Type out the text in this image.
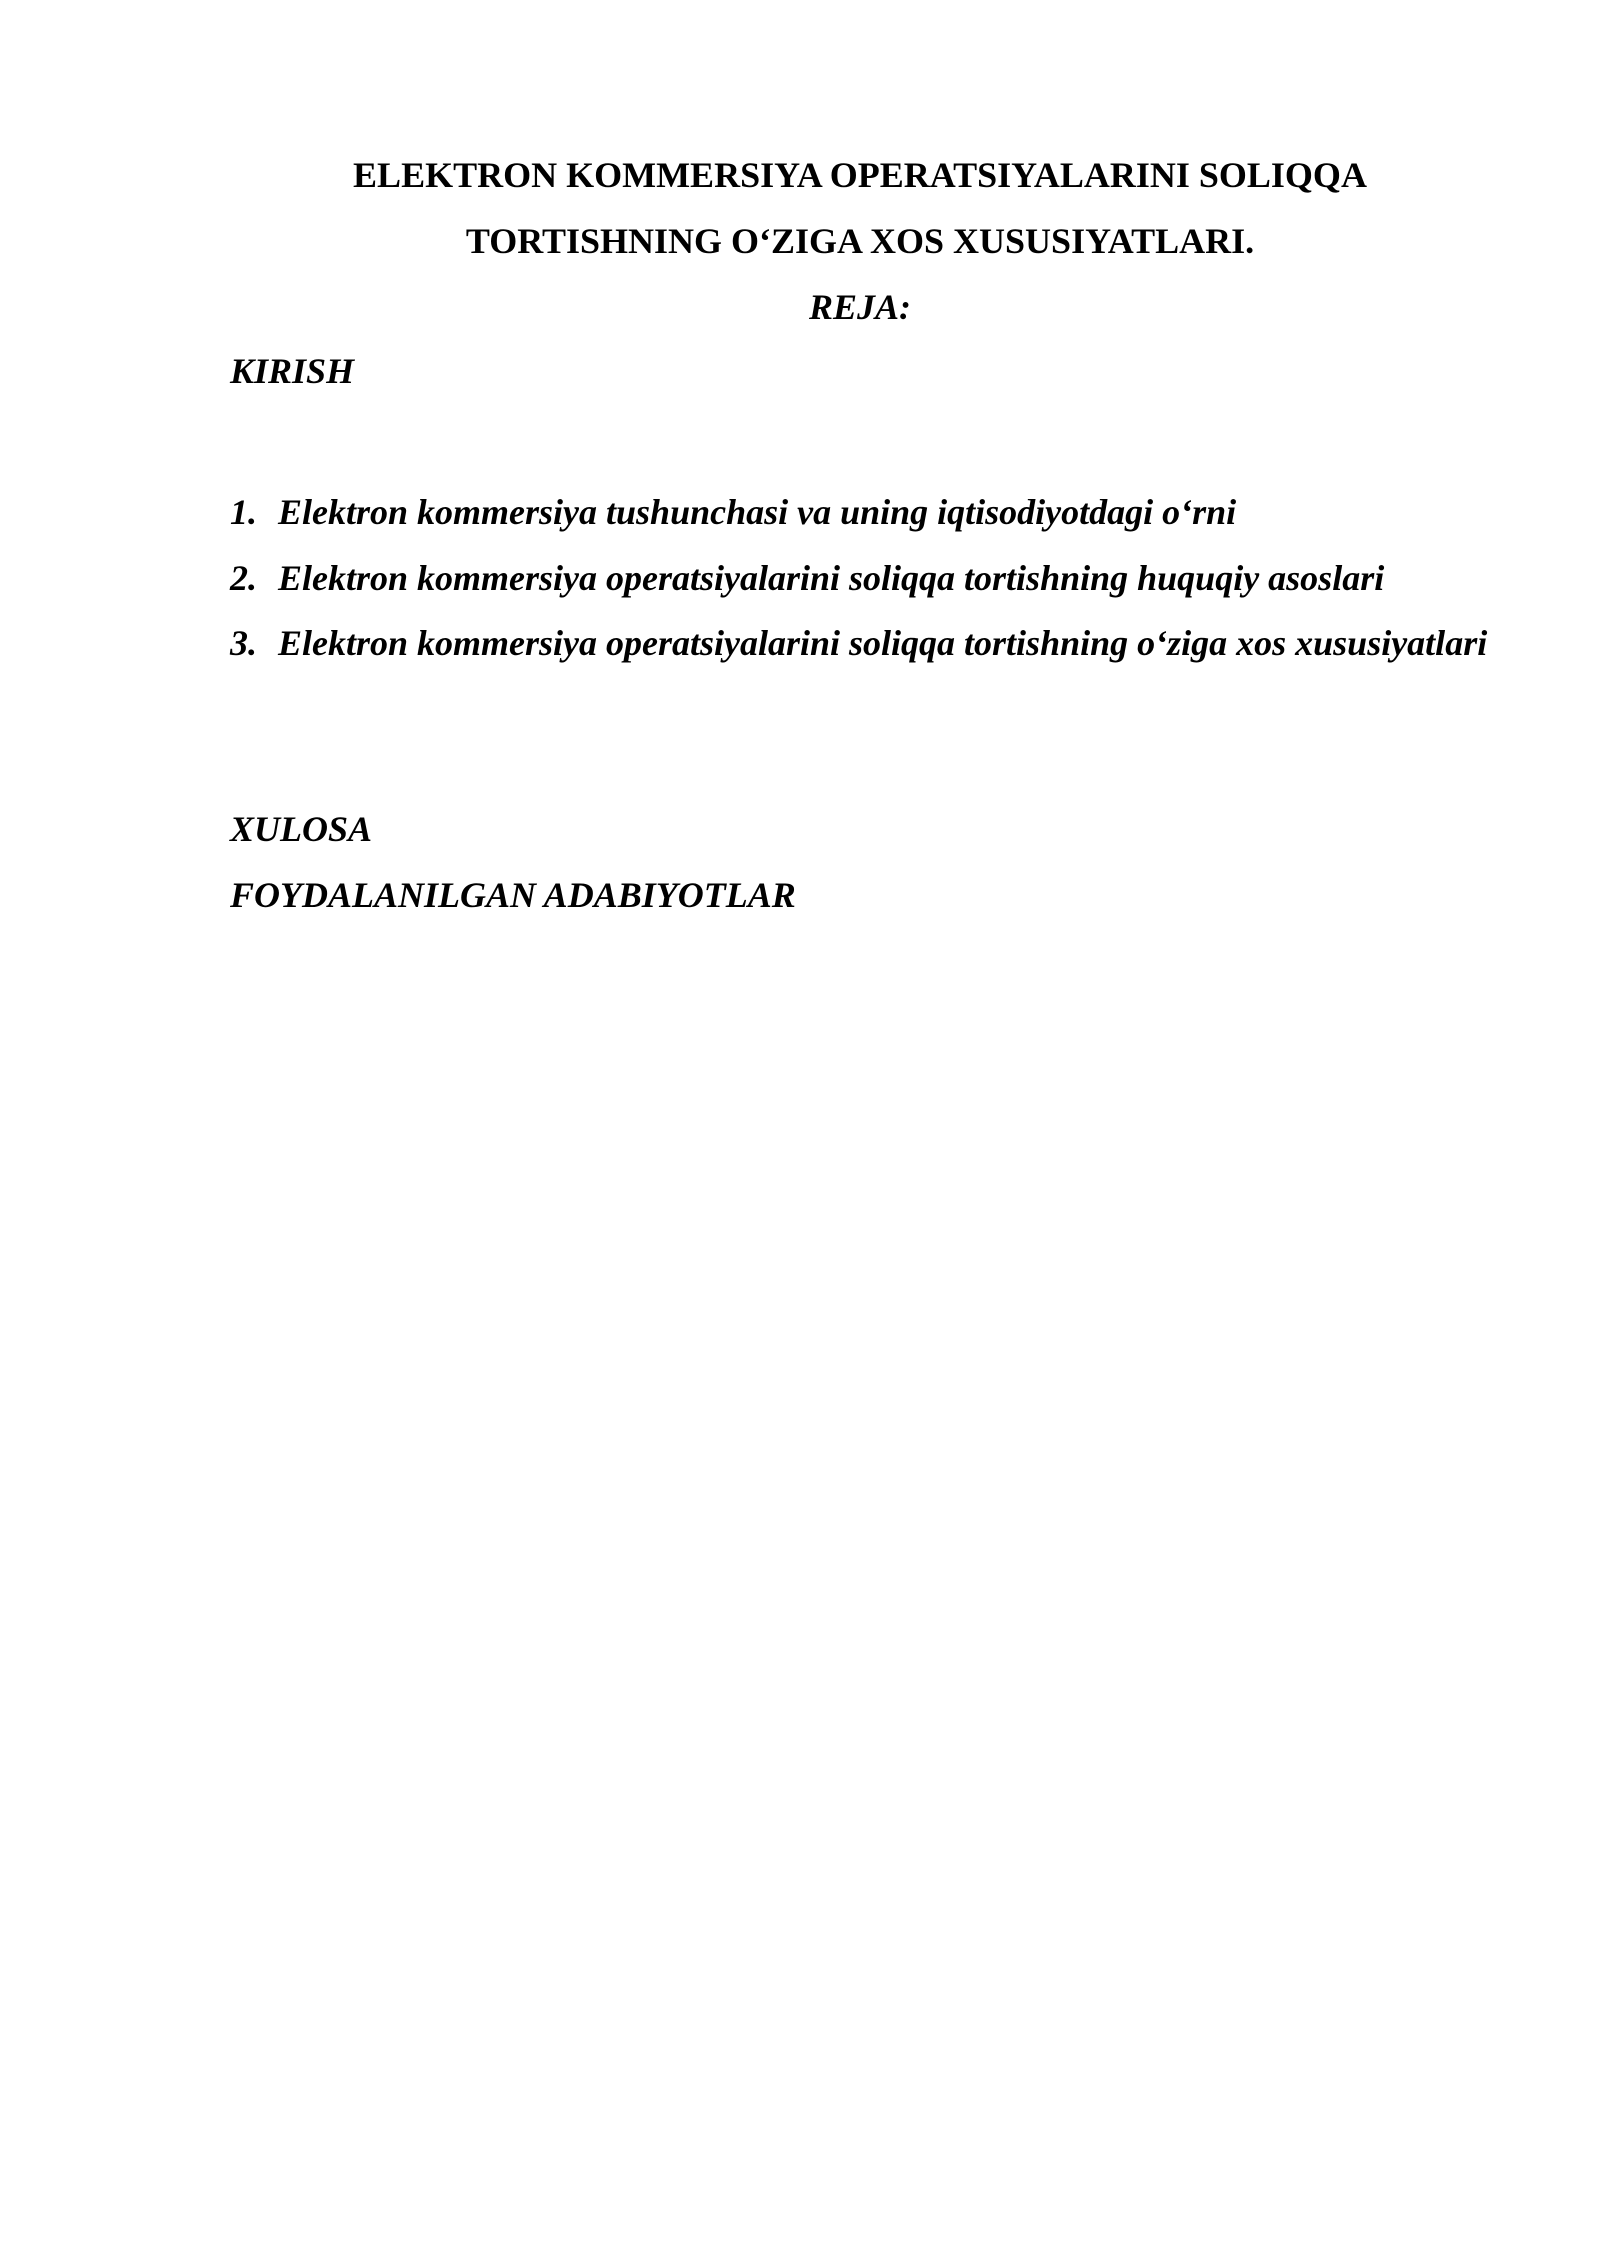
ELEKTRON KOMMERSIYA OPERATSIYALARINI SOLIQQA
TORTISHNING O‘ZIGA XOS XUSUSIYATLARI.
REJA:
KIRISH
1. Elektron kommersiya tushunchasi va uning iqtisodiyotdagi o‘rni
2. Elektron kommersiya operatsiyalarini soliqqa tortishning huquqiy asoslari
3. Elektron kommersiya operatsiyalarini soliqqa tortishning o‘ziga xos xususiyatlari
XULOSA
FOYDALANILGAN ADABIYOTLAR
